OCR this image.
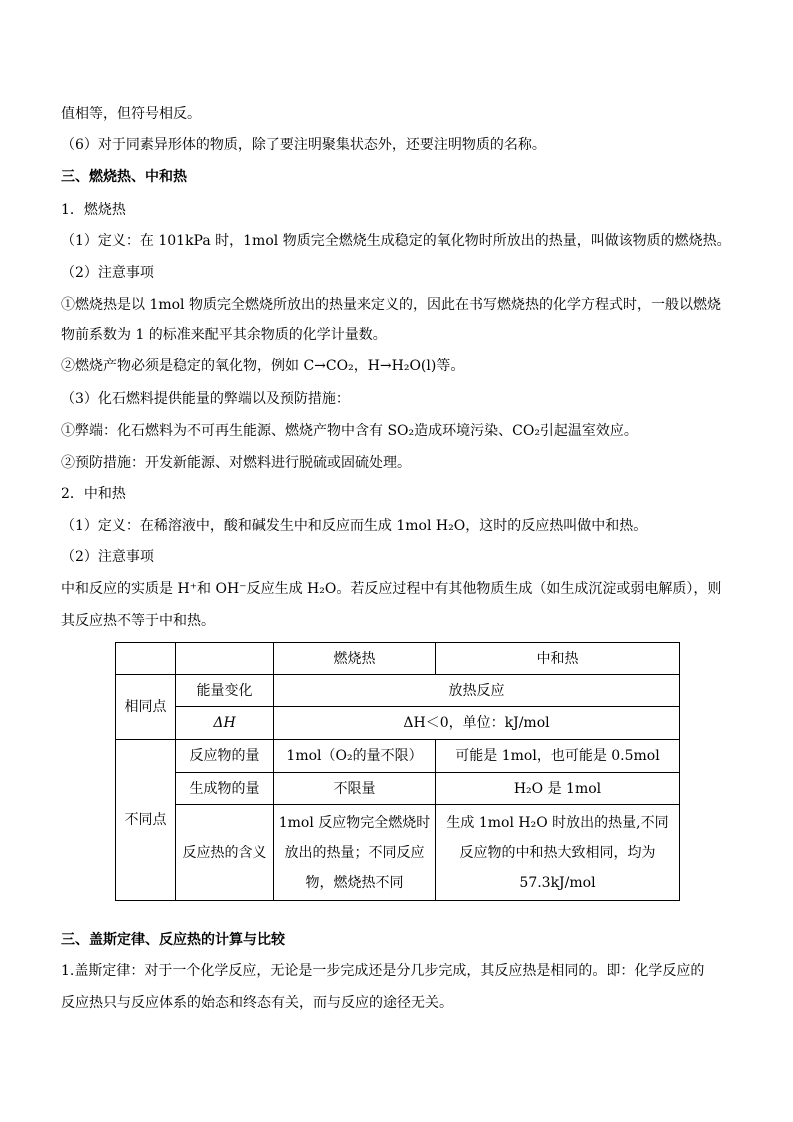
值相等，但符号相反。
（6）对于同素异形体的物质，除了要注明聚集状态外，还要注明物质的名称。
三、燃烧热、中和热
1．燃烧热
（1）定义：在 101kPa 时，1mol 物质完全燃烧生成稳定的氧化物时所放出的热量，叫做该物质的燃烧热。
（2）注意事项
①燃烧热是以 1mol 物质完全燃烧所放出的热量来定义的，因此在书写燃烧热的化学方程式时，一般以燃烧
物前系数为 1 的标准来配平其余物质的化学计量数。
②燃烧产物必须是稳定的氧化物，例如 C→CO₂，H→H₂O(l)等。
（3）化石燃料提供能量的弊端以及预防措施：
①弊端：化石燃料为不可再生能源、燃烧产物中含有 SO₂造成环境污染、CO₂引起温室效应。
②预防措施：开发新能源、对燃料进行脱硫或固硫处理。
2．中和热
（1）定义：在稀溶液中，酸和碱发生中和反应而生成 1mol H₂O，这时的反应热叫做中和热。
（2）注意事项
中和反应的实质是 H⁺和 OH⁻反应生成 H₂O。若反应过程中有其他物质生成（如生成沉淀或弱电解质），则
其反应热不等于中和热。
		燃烧热	中和热
相同点	能量变化	放热反应	
	ΔH	ΔH＜0，单位：kJ/mol	
不同点	反应物的量	1mol（O₂的量不限）	可能是 1mol，也可能是 0.5mol
	生成物的量	不限量	H₂O 是 1mol
	反应热的含义	1mol 反应物完全燃烧时放出的热量；不同反应物，燃烧热不同	生成 1mol H₂O 时放出的热量,不同反应物的中和热大致相同，均为 57.3kJ/mol
三、盖斯定律、反应热的计算与比较
1.盖斯定律：对于一个化学反应，无论是一步完成还是分几步完成，其反应热是相同的。即：化学反应的
反应热只与反应体系的始态和终态有关，而与反应的途径无关。
